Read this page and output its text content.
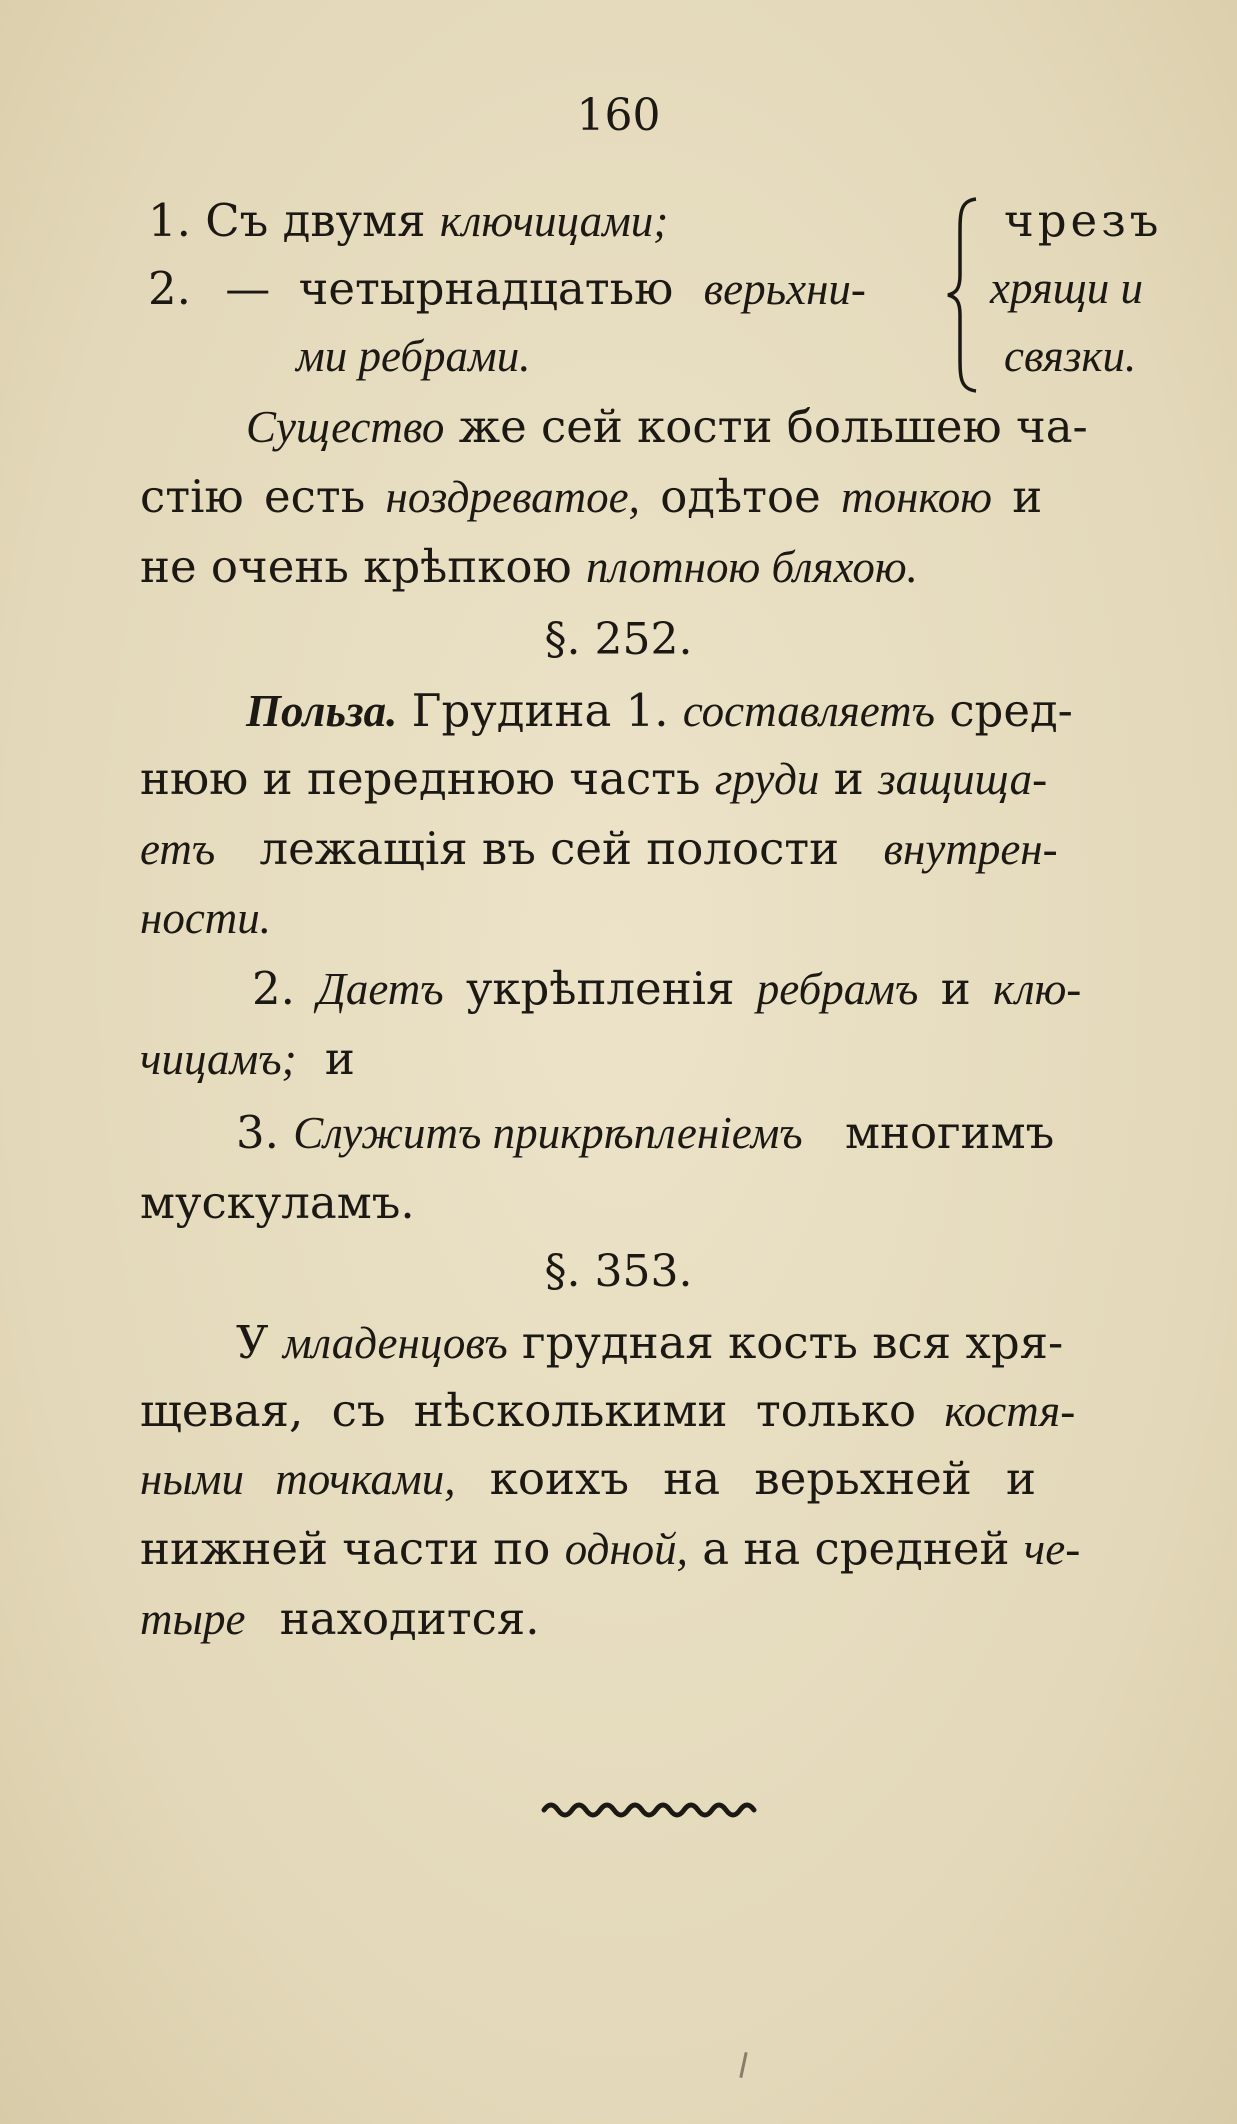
160
1. Съ двумя ключицами;
2. — четырнадцатью верьхни-
ми ребрами.
чрезъ
хрящи и
связки.
Существо же сей кости большею ча-
стію есть ноздреватое, одѣтое тонкою и
не очень крѣпкою плотною бляхою.
§. 252.
Польза. Грудина 1. составляетъ сред-
нюю и переднюю часть груди и защища-
етъ лежащія въ сей полости внутрен-
ности.
2. Даетъ укрѣпленія ребрамъ и клю-
чицамъ; и
3. Служитъ прикрѣпленіемъ многимъ
мускуламъ.
§. 353.
У младенцовъ грудная кость вся хря-
щевая, съ нѣсколькими только костя-
ными точками, коихъ на верьхней и
нижней части по одной, а на средней че-
тыре находится.
